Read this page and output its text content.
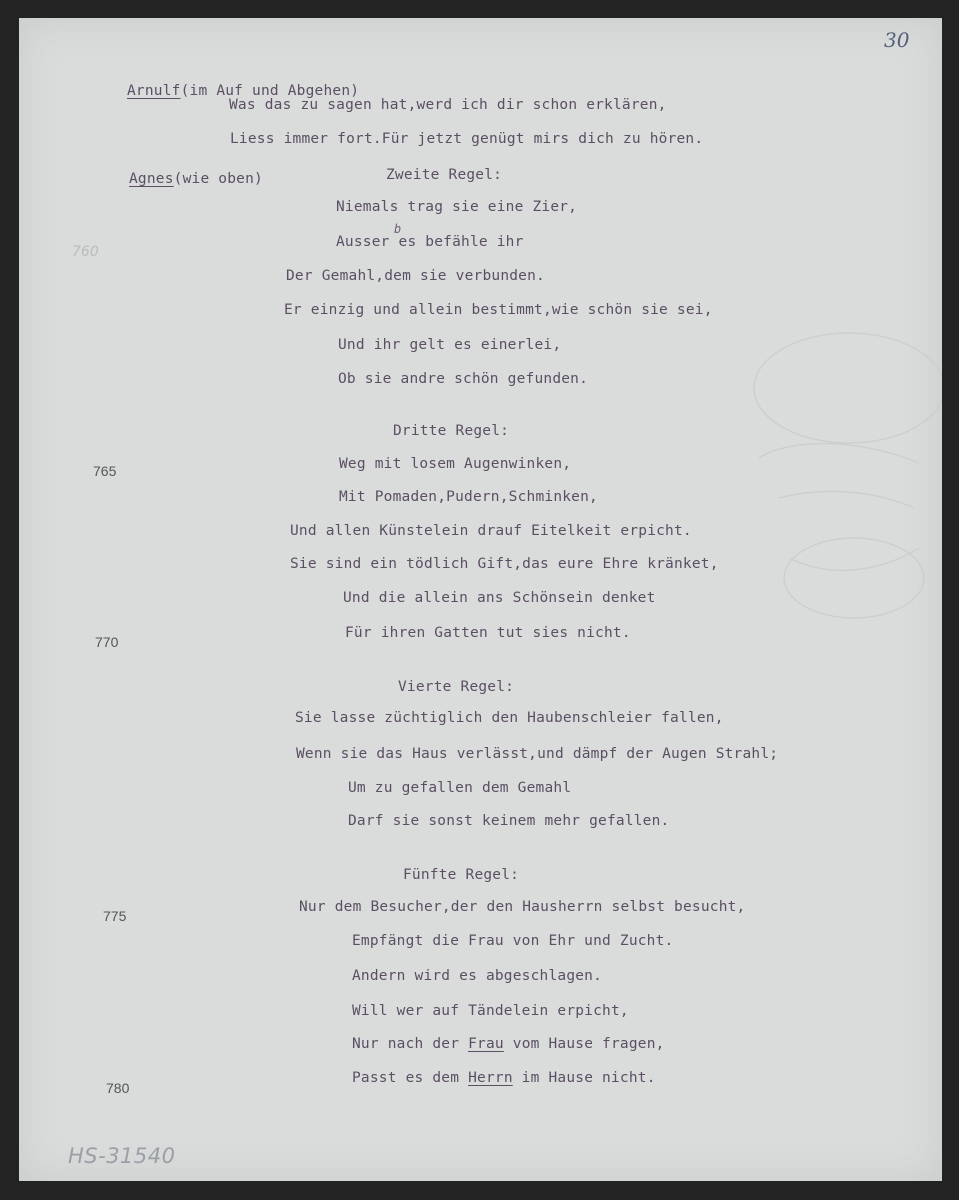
30
760
Arnulf(im Auf und Abgehen)
Was das zu sagen hat,werd ich dir schon erklären,
Liess immer fort.Für jetzt genügt mirs dich zu hören.
Agnes(wie oben)	Zweite Regel:
Niemals trag sie eine Zier,
Ausser es befähle ihr
b
Der Gemahl,dem sie verbunden.
Er einzig und allein bestimmt,wie schön sie sei,
Und ihr gelt es einerlei,
Ob sie andre schön gefunden.
Dritte Regel:
765	Weg mit losem Augenwinken,
Mit Pomaden,Pudern,Schminken,
Und allen Künstelein drauf Eitelkeit erpicht.
Sie sind ein tödlich Gift,das eure Ehre kränket,
Und die allein ans Schönsein denket
770
Für ihren Gatten tut sies nicht.
Vierte Regel:
Sie lasse züchtiglich den Haubenschleier fallen,
Wenn sie das Haus verlässt,und dämpf der Augen Strahl;
Um zu gefallen dem Gemahl
Darf sie sonst keinem mehr gefallen.
Fünfte Regel:
775
Nur dem Besucher,der den Hausherrn selbst besucht,
Empfängt die Frau von Ehr und Zucht.
Andern wird es abgeschlagen.
Will wer auf Tändelein erpicht,
Nur nach der Frau vom Hause fragen,
780
Passt es dem Herrn im Hause nicht.
HS-31540
